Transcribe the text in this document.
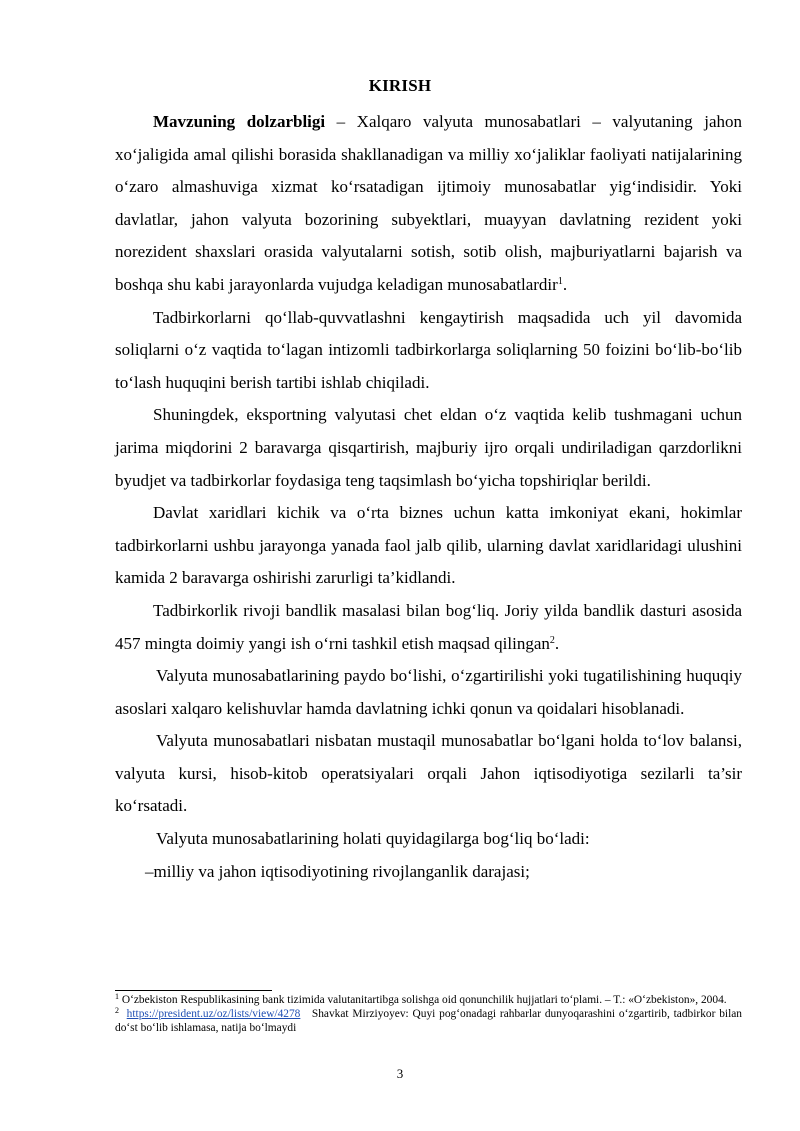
KIRISH

Mavzuning dolzarbligi – Xalqaro valyuta munosabatlari – valyutaning jahon xo‘jaligida amal qilishi borasida shakllanadigan va milliy xo‘jaliklar faoliyati natijalarining o‘zaro almashuviga xizmat ko‘rsatadigan ijtimoiy munosabatlar yig‘indisidir. Yoki davlatlar, jahon valyuta bozorining subyektlari, muayyan davlatning rezident yoki norezident shaxslari orasida valyutalarni sotish, sotib olish, majburiyatlarni bajarish va boshqa shu kabi jarayonlarda vujudga keladigan munosabatlardir$^1$.

Tadbirkorlarni qo‘llab-quvvatlashni kengaytirish maqsadida uch yil davomida soliqlarni o‘z vaqtida to‘lagan intizomli tadbirkorlarga soliqlarning 50 foizini bo‘lib-bo‘lib to‘lash huquqini berish tartibi ishlab chiqiladi.

Shuningdek, eksportning valyutasi chet eldan o‘z vaqtida kelib tushmagani uchun jarima miqdorini 2 baravarga qisqartirish, majburiy ijro orqali undiriladigan qarzdorlikni byudjet va tadbirkorlar foydasiga teng taqsimlash bo‘yicha topshiriqlar berildi.

Davlat xaridlari kichik va o‘rta biznes uchun katta imkoniyat ekani, hokimlar tadbirkorlarni ushbu jarayonga yanada faol jalb qilib, ularning davlat xaridlaridagi ulushini kamida 2 baravarga oshirishi zarurligi ta’kidlandi.

Tadbirkorlik rivoji bandlik masalasi bilan bog‘liq. Joriy yilda bandlik dasturi asosida 457 mingta doimiy yangi ish o‘rni tashkil etish maqsad qilingan$^2$.

Valyuta munosabatlarining paydo bo‘lishi, o‘zgartirilishi yoki tugatilishining huquqiy asoslari xalqaro kelishuvlar hamda davlatning ichki qonun va qoidalari hisoblanadi.

Valyuta munosabatlari nisbatan mustaqil munosabatlar bo‘lgani holda to‘lov balansi, valyuta kursi, hisob-kitob operatsiyalari orqali Jahon iqtisodiyotiga sezilarli ta’sir ko‘rsatadi.

Valyuta munosabatlarining holati quyidagilarga bog‘liq bo‘ladi:

–milliy va jahon iqtisodiyotining rivojlanganlik darajasi;

$^1$ O‘zbekiston Respublikasining bank tizimida valutanitartibga solishga oid qonunchilik hujjatlari to‘plami. – T.: «O‘zbekiston», 2004.

$^2$ https://president.uz/oz/lists/view/4278   Shavkat Mirziyoyev: Quyi pog‘onadagi rahbarlar dunyoqarashini o‘zgartirib, tadbirkor bilan do‘st bo‘lib ishlamasa, natija bo‘lmaydi

3
